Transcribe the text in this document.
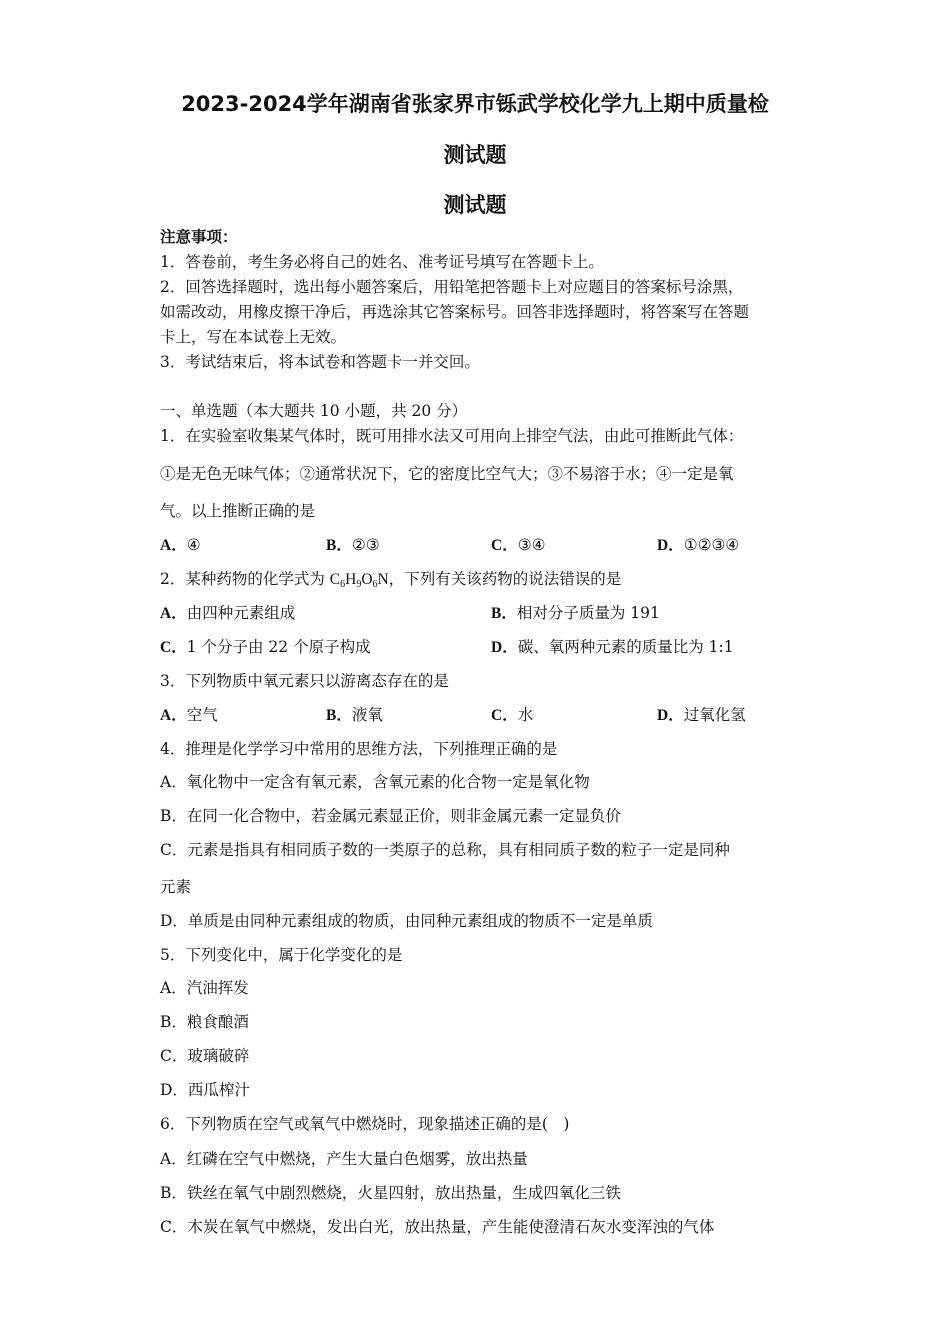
2023-2024学年湖南省张家界市铄武学校化学九上期中质量检
测试题
测试题
注意事项：
1．答卷前，考生务必将自己的姓名、准考证号填写在答题卡上。
2．回答选择题时，选出每小题答案后，用铅笔把答题卡上对应题目的答案标号涂黑，
如需改动，用橡皮擦干净后，再选涂其它答案标号。回答非选择题时，将答案写在答题
卡上，写在本试卷上无效。
3．考试结束后，将本试卷和答题卡一并交回。
一、单选题（本大题共 10 小题，共 20 分）
1．在实验室收集某气体时，既可用排水法又可用向上排空气法，由此可推断此气体：
①是无色无味气体；②通常状况下，它的密度比空气大；③不易溶于水；④一定是氧
气。以上推断正确的是
A．④	B．②③	C．③④	D．①②③④
2．某种药物的化学式为 $C_6H_9O_6N$，下列有关该药物的说法错误的是
A．由四种元素组成	B．相对分子质量为 191
C．1 个分子由 22 个原子构成	D．碳、氧两种元素的质量比为 1:1
3．下列物质中氧元素只以游离态存在的是
A．空气	B．液氧	C．水	D．过氧化氢
4．推理是化学学习中常用的思维方法，下列推理正确的是
A．氧化物中一定含有氧元素，含氧元素的化合物一定是氧化物
B．在同一化合物中，若金属元素显正价，则非金属元素一定显负价
C．元素是指具有相同质子数的一类原子的总称，具有相同质子数的粒子一定是同种
元素
D．单质是由同种元素组成的物质，由同种元素组成的物质不一定是单质
5．下列变化中，属于化学变化的是
A．汽油挥发
B．粮食酿酒
C．玻璃破碎
D．西瓜榨汁
6．下列物质在空气或氧气中燃烧时，现象描述正确的是(　)
A．红磷在空气中燃烧，产生大量白色烟雾，放出热量
B．铁丝在氧气中剧烈燃烧，火星四射，放出热量，生成四氧化三铁
C．木炭在氧气中燃烧，发出白光，放出热量，产生能使澄清石灰水变浑浊的气体
